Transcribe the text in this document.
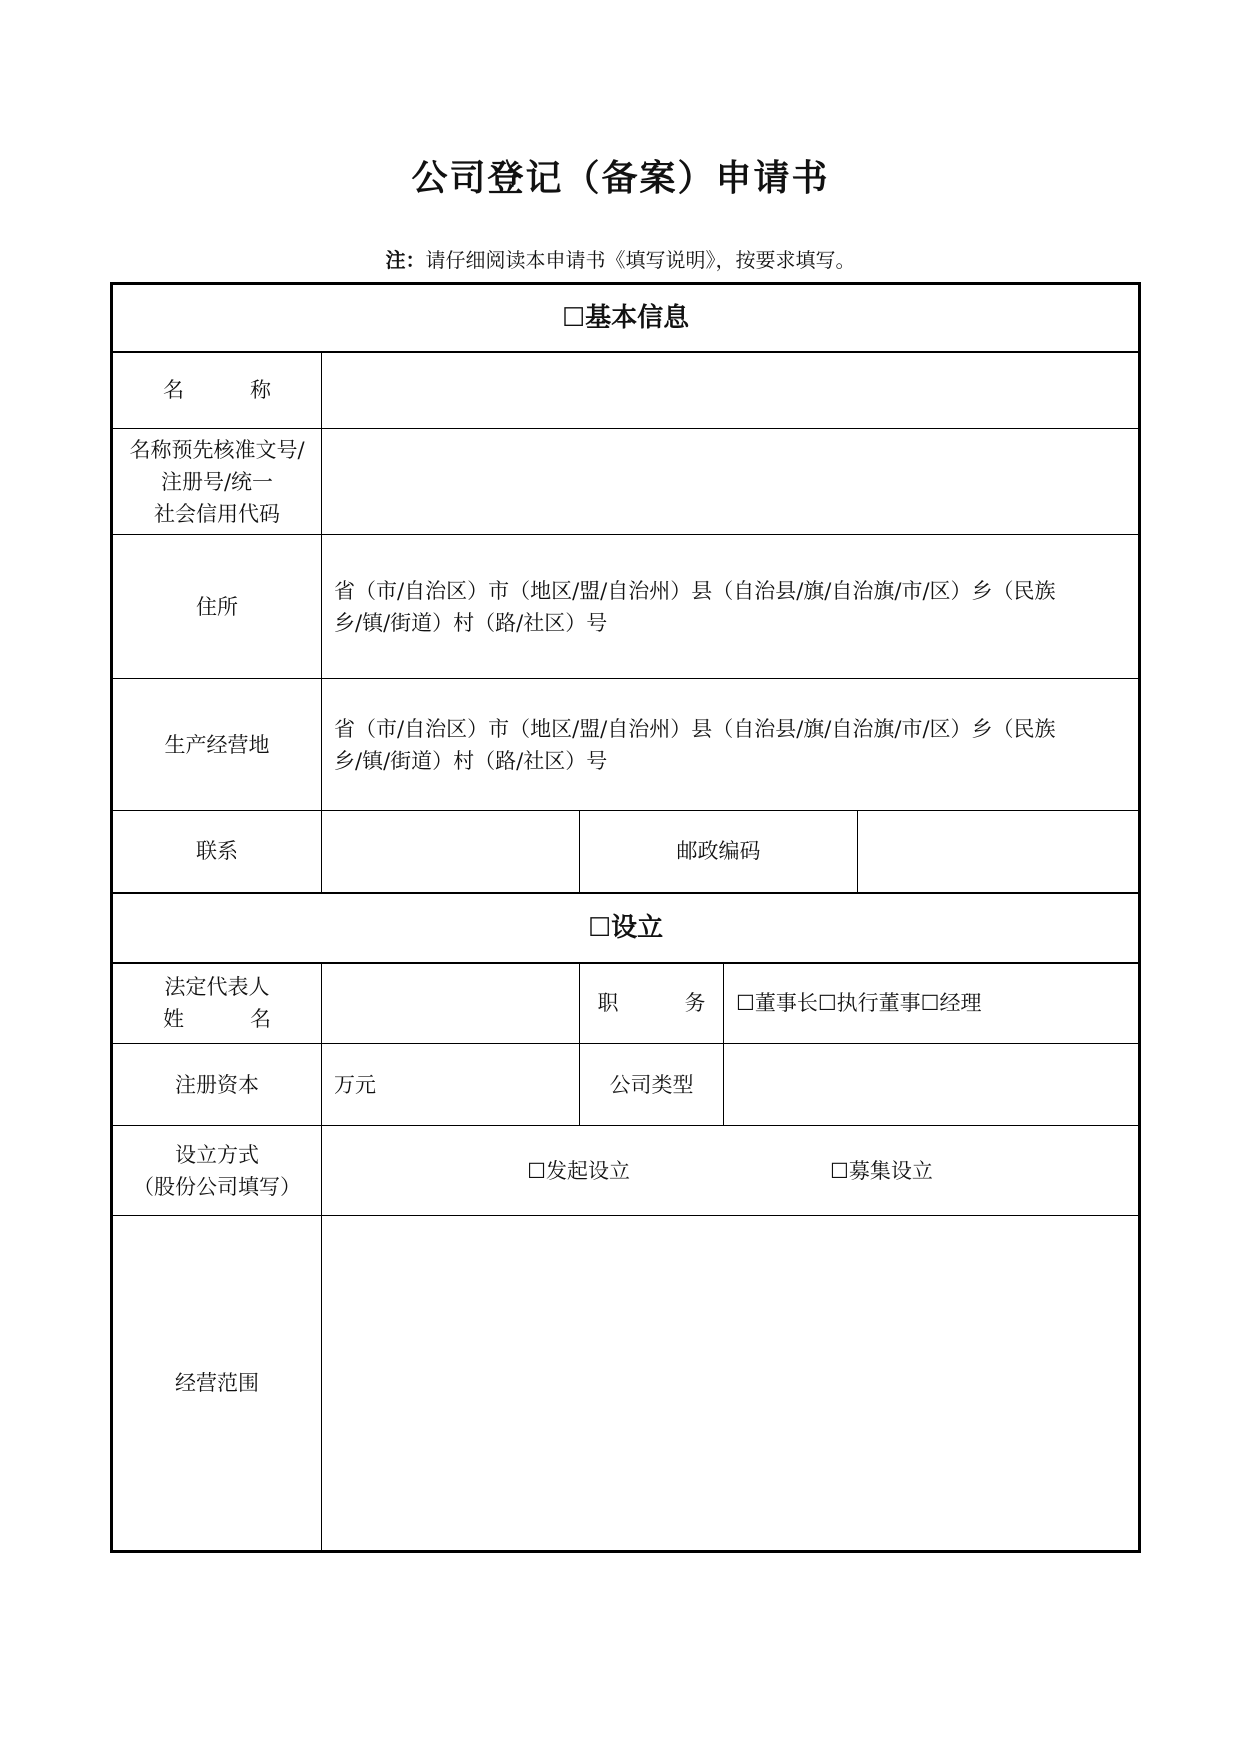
公司登记（备案）申请书
注：请仔细阅读本申请书《填写说明》，按要求填写。
☐基本信息				
名 称				
名称预先核准文号/
注册号/统一
社会信用代码				
住所	省（市/自治区）市（地区/盟/自治州）县（自治县/旗/自治旗/市/区）乡（民族
乡/镇/街道）村（路/社区）号			
生产经营地	省（市/自治区）市（地区/盟/自治州）县（自治县/旗/自治旗/市/区）乡（民族
乡/镇/街道）村（路/社区）号			
联系		邮政编码		
☐设立				
法定代表人
姓 名		职 务	☐董事长☐执行董事☐经理	
注册资本	万元	公司类型		
设立方式
（股份公司填写）	☐发起设立 ☐募集设立			
经营范围				
